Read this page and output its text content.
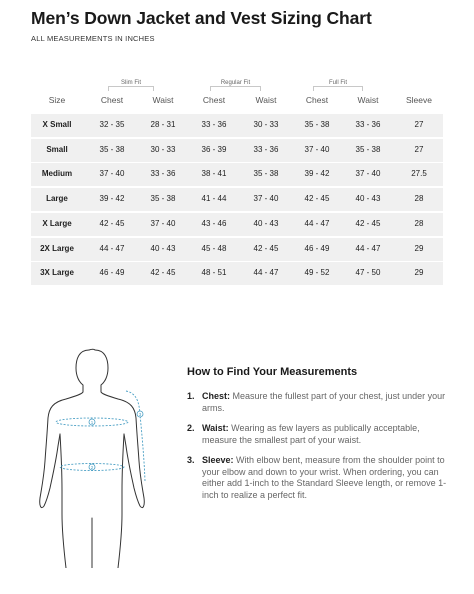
Men’s Down Jacket and Vest Sizing Chart
ALL MEASUREMENTS IN INCHES
Slim Fit	Regular Fit	Full Fit
Size	Chest	Waist	Chest	Waist	Chest	Waist	Sleeve
X Small	32 - 35	28 - 31	33 - 36	30 - 33	35 - 38	33 - 36	27
Small	35 - 38	30 - 33	36 - 39	33 - 36	37 - 40	35 - 38	27
Medium	37 - 40	33 - 36	38 - 41	35 - 38	39 - 42	37 - 40	27.5
Large	39 - 42	35 - 38	41 - 44	37 - 40	42 - 45	40 - 43	28
X Large	42 - 45	37 - 40	43 - 46	40 - 43	44 - 47	42 - 45	28
2X Large	44 - 47	40 - 43	45 - 48	42 - 45	46 - 49	44 - 47	29
3X Large	46 - 49	42 - 45	48 - 51	44 - 47	49 - 52	47 - 50	29
1
2
3
How to Find Your Measurements
1. Chest: Measure the fullest part of your chest, just under your arms.
2. Waist: Wearing as few layers as publically acceptable, measure the smallest part of your waist.
3. Sleeve: With elbow bent, measure from the shoulder point to your elbow and down to your wrist. When ordering, you can either add 1-inch to the Standard Sleeve length, or remove 1-inch to realize a perfect fit.
